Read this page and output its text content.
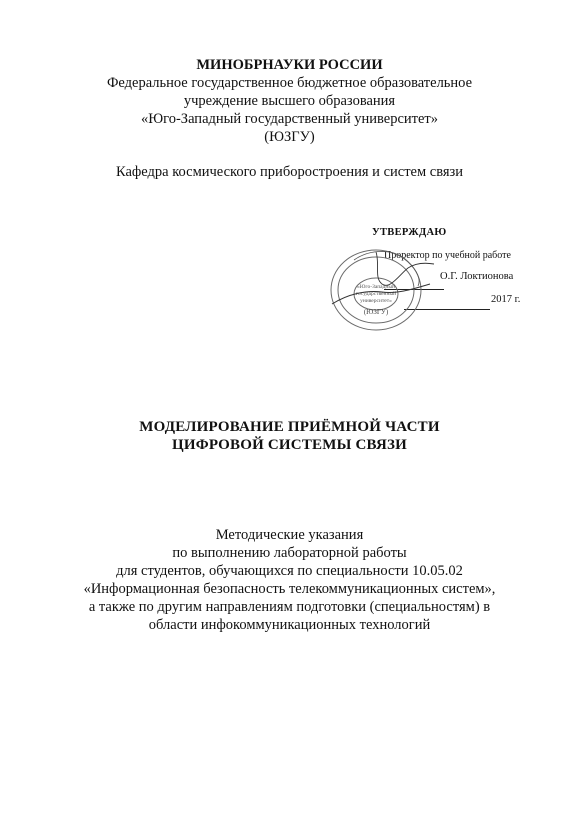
МИНОБРНАУКИ РОССИИ
Федеральное государственное бюджетное образовательное
учреждение высшего образования
«Юго-Западный государственный университет»
(ЮЗГУ)
Кафедра космического приборостроения и систем связи
УТВЕРЖДАЮ
Проректор по учебной работе
О.Г. Локтионова
2017 г.
«Юго-Западный
государственный
университет»
(ЮЗГУ)
МОДЕЛИРОВАНИЕ ПРИЁМНОЙ ЧАСТИ
ЦИФРОВОЙ СИСТЕМЫ СВЯЗИ
Методические указания
по выполнению лабораторной работы
для студентов, обучающихся по специальности 10.05.02
«Информационная безопасность телекоммуникационных систем»,
а также по другим направлениям подготовки (специальностям) в
области инфокоммуникационных технологий
